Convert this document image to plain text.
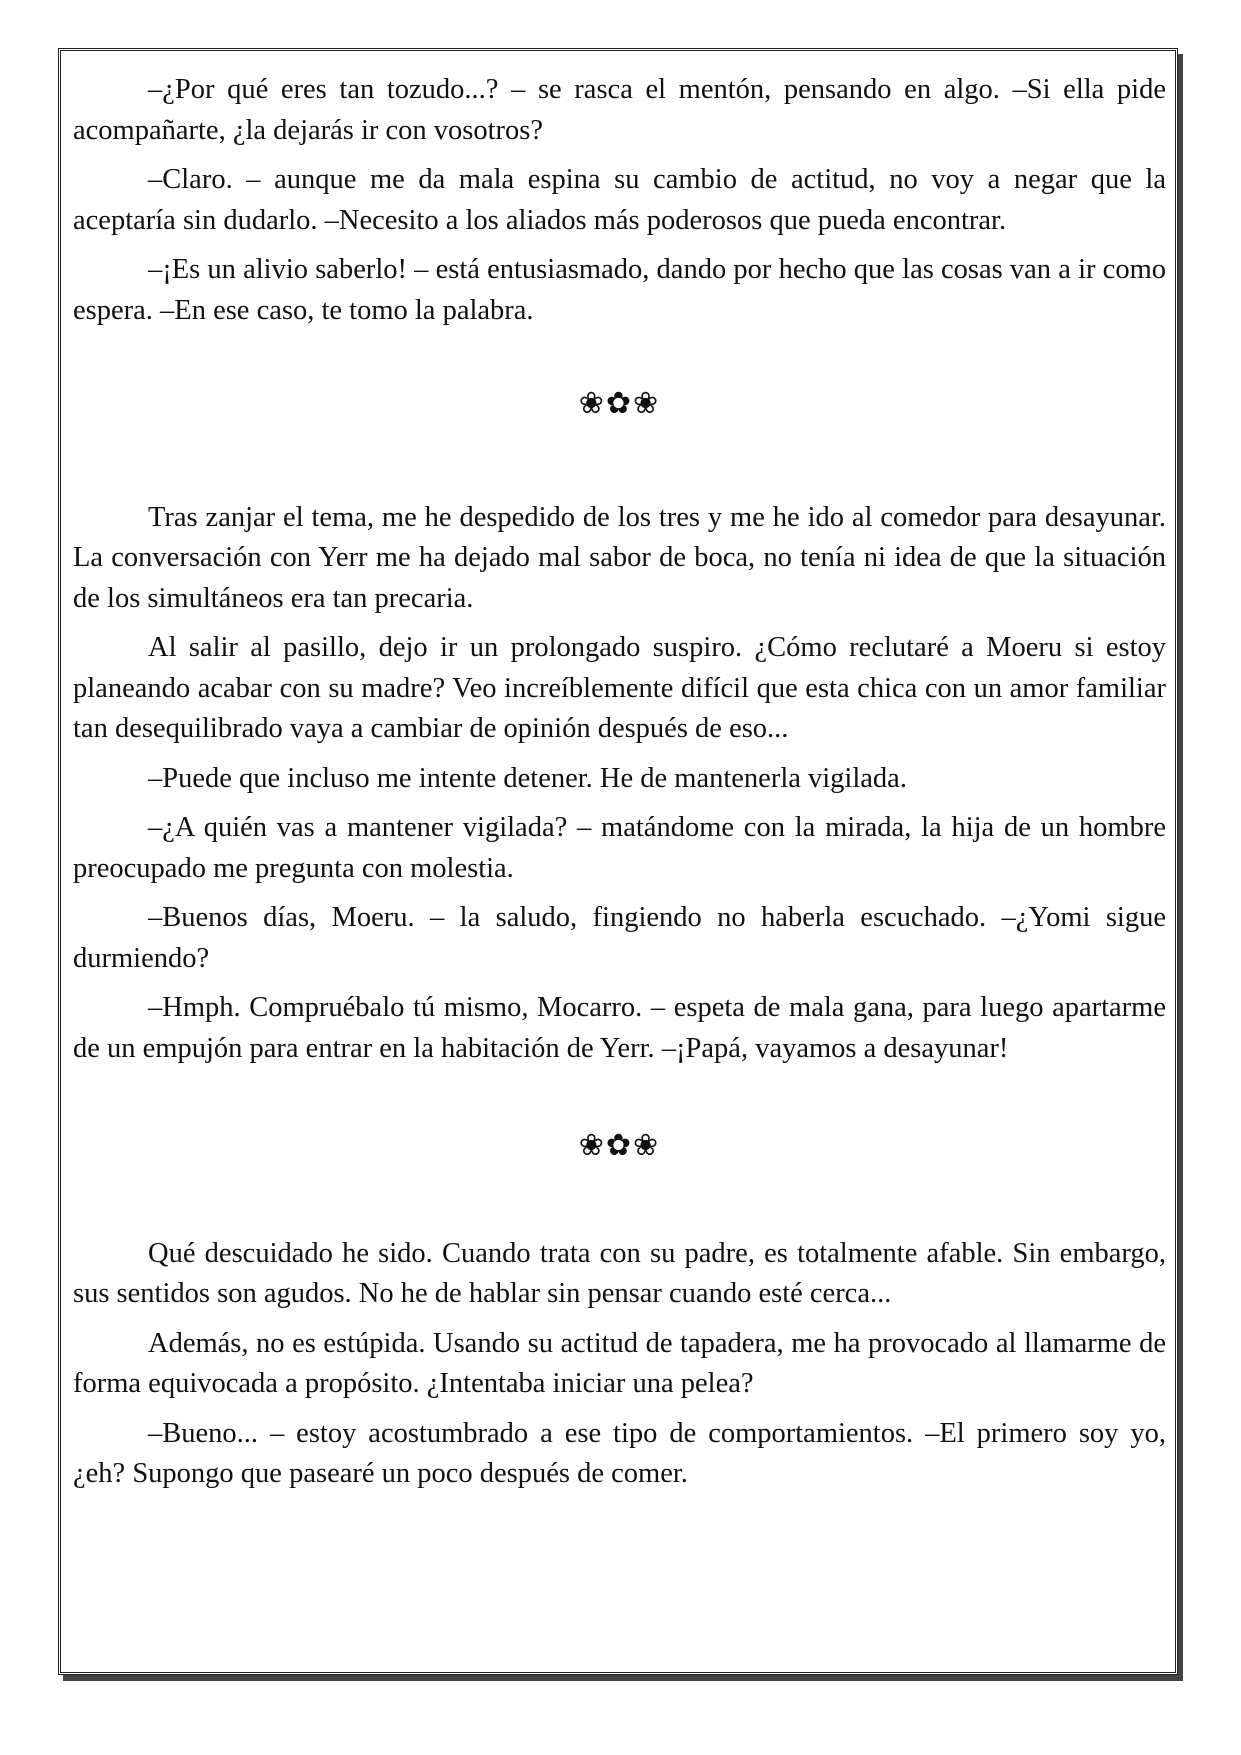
–¿Por qué eres tan tozudo...? – se rasca el mentón, pensando en algo. –Si ella pide acompañarte, ¿la dejarás ir con vosotros?

–Claro. – aunque me da mala espina su cambio de actitud, no voy a negar que la aceptaría sin dudarlo. –Necesito a los aliados más poderosos que pueda encontrar.

–¡Es un alivio saberlo! – está entusiasmado, dando por hecho que las cosas van a ir como espera. –En ese caso, te tomo la palabra.

❀✿❀

Tras zanjar el tema, me he despedido de los tres y me he ido al comedor para desayunar. La conversación con Yerr me ha dejado mal sabor de boca, no tenía ni idea de que la situación de los simultáneos era tan precaria.

Al salir al pasillo, dejo ir un prolongado suspiro. ¿Cómo reclutaré a Moeru si estoy planeando acabar con su madre? Veo increíblemente difícil que esta chica con un amor familiar tan desequilibrado vaya a cambiar de opinión después de eso...

–Puede que incluso me intente detener. He de mantenerla vigilada.

–¿A quién vas a mantener vigilada? – matándome con la mirada, la hija de un hombre preocupado me pregunta con molestia.

–Buenos días, Moeru. – la saludo, fingiendo no haberla escuchado. –¿Yomi sigue durmiendo?

–Hmph. Compruébalo tú mismo, Mocarro. – espeta de mala gana, para luego apartarme de un empujón para entrar en la habitación de Yerr. –¡Papá, vayamos a desayunar!

❀✿❀

Qué descuidado he sido. Cuando trata con su padre, es totalmente afable. Sin embargo, sus sentidos son agudos. No he de hablar sin pensar cuando esté cerca...

Además, no es estúpida. Usando su actitud de tapadera, me ha provocado al llamarme de forma equivocada a propósito. ¿Intentaba iniciar una pelea?

–Bueno... – estoy acostumbrado a ese tipo de comportamientos. –El primero soy yo, ¿eh? Supongo que pasearé un poco después de comer.
